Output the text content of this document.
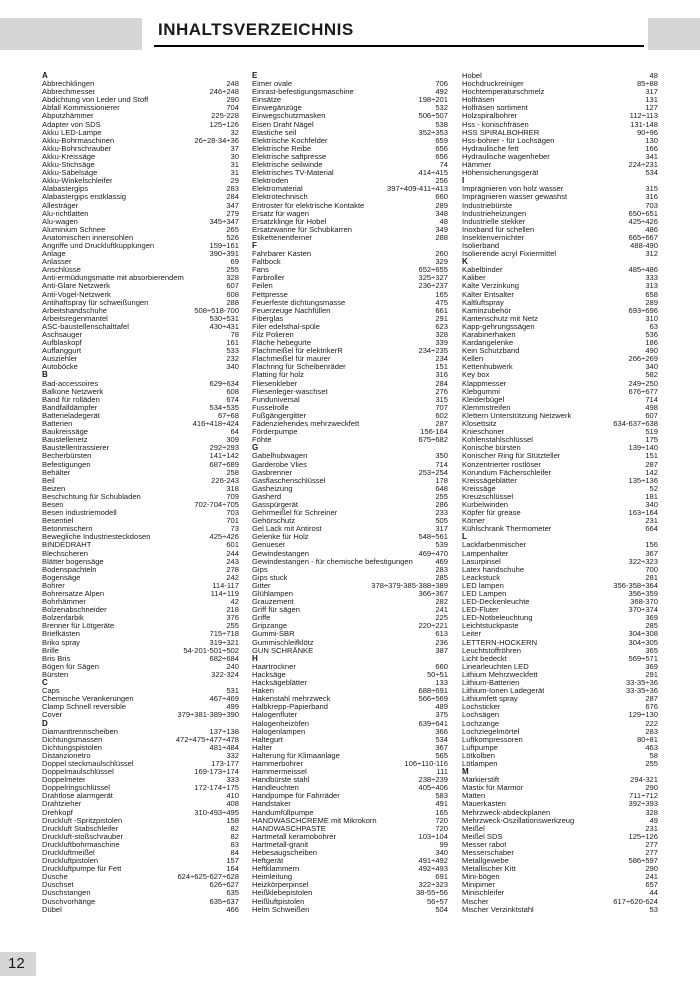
INHALTSVERZEICHNIS
A
Abbrechklingen	248
Abbrechmesser	246÷248
Abdichtung von Leder und Stoff	290
Abfall Kommissionierer	704
Abputzhämmer	225-228
Adapter von SDS	125÷126
Akku LED-Lampe	32
Akku-Bohrmaschinen	26÷28-34÷36
Akku-Bohrschrauber	37
Akku-Kreissäge	30
Akku-Stichsäge	31
Akku-Säbelsäge	31
Akku-Winkelschleifer	29
Alabastergips	283
Alabastergips erstklassig	284
Allesträger	347
Alu-richtlatten	279
Alu-wagen	345÷347
Aluminium Schnee	265
Anatomischen innensohlen	526
Angriffe und Druckluftkupplungen	159÷161
Anlage	390÷391
Anlasser	69
Anschlüsse	255
Anti-ermüdungsmatte mit absorbierendem	328
Anti-Glare Netzwerk	607
Anti-Vogel-Netzwerk	608
Antihaftspray für schweißungen	288
Arbeitshandschuhe	508÷518-700
Arbeitsregenmantel	530÷531
ASC-baustellenschalttafel	430÷431
Aschsauger	78
Aufblaskopf	161
Auffanggurt	533
Ausziehler	232
Autoböcke	340
B
Bad-accessoires	629÷634
Balkone Netzwerk	608
Band für rolläden	674
Bandfalldämpfer	534÷535
Batterieladegerät	67÷68
Batterien	416÷418÷424
Baukreissäge	64
Baustellenetz	309
Baustellentrassierer	292÷293
Becherbürsten	141÷142
Befestigungen	687÷689
Behälter	258
Beil	226-243
Beizen	318
Beschichtung für Schubladen	709
Besen	702-704÷705
Besen industriemodell	703
Besentiel	701
Betonmischern	73
Bewegliche Industriesteckdosen	425÷426
BINDEDRAHT	601
Blechscheren	244
Blätter bogensäge	243
Bodenspachteln	278
Bogensäge	242
Bohrer	114-117
Bohrersatze Alpen	114÷119
Bohrhämmer	42
Bolzenabschneider	218
Bolzenfarbik	376
Brenner für Lötgeräte	255
Briefkästen	715÷718
Briko spray	319÷321
Brille	54-201-501÷502
Bris Bris	682÷684
Bögen für Sägen	240
Bürsten	322-324
C
Caps	531
Chemische Verankerungen	467÷469
Clamp Schnell reversible	499
Cover	379÷381-389÷390
D
Diamanttrennscheiben	137÷138
Dichtungsmassen	472÷475÷477÷478
Dichtungspistolen	481÷484
Distanzionetro	332
Doppel steckmaulschlüssel	173-177
Doppelmaulschlüssel	169-173÷174
Doppelmeter	333
Doppelringschlüssel	172-174÷175
Drahtlose alarmgerät	410
Drahtzieher	408
Drehkopf	310-493÷495
Druckluft -Spritzpistolen	158
Druckluft Stabschleifer	82
Druckluft-stoßschrauber	82
Druckluftbohrmaschine	83
Druckluftmeißel	84
Druckluftpistolen	157
Druckluftpumpe für Fett	164
Dusche	624÷625-627÷628
Duschset	626÷627
Duschstangen	635
Duschvorhänge	635÷637
Dübel	466
E
Eimer ovale	706
Einrast-befestigungsmaschine	492
Einsätze	198÷201
Einwegänzüge	532
Einwegschutzmasken	506÷507
Eisen Draht Nägel	538
Elastiche seil	352÷353
Elektrische Kochfelder	659
Elektrische Reibe	656
Elektrische saftpresse	656
Elektrische seilwinde	74
Elektrisches TV-Material	414÷415
Elektroden	256
Elektromaterial	397÷409-411÷413
Elektrotechnisch	660
Entroster für elektrische Kontakte	289
Ersatz für wagen	348
Ersatzklinge für Hobel	48
Ersatzwanne für Schubkarren	349
Etikettenentferner	288
F
Fahrbarer Kasten	260
Faltbock	329
Fans	652÷655
Farbroller	325÷327
Feilen	236÷237
Fettpresse	165
Feuerfeste dichtungsmasse	475
Feuerzeuge Nachfüllen	661
Fiberglas	291
Filer edelsthal-spüle	623
Filz Polieren	328
Fläche hebegurte	339
Flachmeißel für elektrikerR	234÷235
Flachmeißel für maurer	234
Flachring für Scheibenräder	151
Flatting für holz	316
Fliesenkleber	284
Fliesenleger-waschset	276
Funduniversal	315
Fusselrolle	707
Fußgängergitter	602
Fädenziehendes mehrzweckfett	287
Förderpumpe	156-164
Föhte	675÷682
G
Gabelhubwagen	350
Garderobe Vlies	714
Gasbrenner	253÷254
Gasflaschenschlüssel	178
Gasheizung	648
Gasherd	255
Gasspürgerät	286
Gehrmeißel für Schreiner	233
Gehörschutz	505
Gel Lack mit Antirost	317
Gelenke für Holz	548÷561
Genueser	539
Gewindestangen	469÷470
Gewindestangen - für chemische befestigungen	469
Gips	283
Gips stuck	285
Gitter	378÷379-385-388÷389
Glühlampen	366÷367
Grauzement	282
Griff für sägen	241
Griffe	225
Gripzange	220÷221
Gummi-SBR	613
Gummischleifklötz	236
GUN SCHRÄNKE	387
H
Haartrockner	660
Hacksäge	50÷51
Hacksägeblätter	133
Haken	688÷691
Hakenstahl mehrzweck	566÷569
Halbkrepp-Papierband	489
Halogenfluter	375
Halogenheizöfen	639÷641
Halogenlampen	366
Haltegurt	534
Halter	367
Halterung für Klimaanlage	565
Hammerbohrer	106÷110-116
Hammermeissel	111
Handbürste stahl	238÷239
Handleuchten	405÷406
Handpumpe für Fahrräder	583
Handstaker	491
Handumfüllpumpe	165
HANDWASCHCREME mit Mikrokorn	720
HANDWASCHPASTE	720
Hartmetall keramobohrer	103÷104
Hartmetall-granit	99
Hebesaugscheiben	340
Heftgerät	491÷492
Heftklammern	492÷493
Heimleitung	691
Heizkörperpinsel	322÷323
Heißklebepistolen	38-55÷56
Heißluftpistolen	56÷57
Helm Schweißen	504
Hobel	48
Hochdruckreiniger	85÷88
Hochtemperaturschmelz	317
Holfräsen	131
Holfräsen sortiment	127
Holzspiralbohrer	112÷113
Hss - konischfräsen	131-148
HSS SPIRALBOHRER	90÷96
Hss-bohrer - für Lochsägen	130
Hydraulische fett	166
Hydraulische wagenheber	341
Hämmer	224÷231
Höhensicherungsgerät	534
I
Imprägnieren von holz wasser	315
Imprägnieren wasser gewashst	316
Industriebürste	703
Industrieheizungen	650÷651
Industrielle stekker	425÷426
Inoxband für schellen	486
Insektenvernichter	665÷667
Isolierband	488-490
Isolierende acryl Fixiermittel	312
K
Kabelbinder	485÷486
Kaliber	333
Kalte Verzinkung	313
Kalter Entsalter	658
Kaltluftspray	289
Kaminzubehör	693÷696
Kantenschutz mit Netz	310
Kapp-gehrungssägen	63
Karabinerhaken	536
Kardangelenke	186
Kein Schutzband	490
Kellen	266÷269
Kettenhubwerk	340
Key box	582
Klappmesser	249÷250
Klebgummi	676÷677
Kleiderbügel	714
Klemmstreifen	498
Klettern Unterstützung Netzwerk	607
Klosettsitz	634-637÷638
Knieschoner	519
Kohlenstahlschlüssel	175
Konische bürsten	139÷140
Konischer Ring für Stützteller	151
Konzentrierter rostlöser	287
Korundum Fächerschleifer	142
Kreissägeblätter	135÷136
Kreissäge	52
Kreuzschlüssel	181
Kurbelwinden	340
Köpfer für grease	163÷164
Körner	231
Kühlschrank Thermometer	664
L
Lackfarbenmischer	156
Lampenhalter	367
Lasurpinsel	322÷323
Latex handschuhe	700
Leackstuck	281
LED lampen	356-358÷364
LED Lampen	356÷359
LED-Deckenleuchte	368-370
LED-Fluter	370÷374
LED-Notbeleuchtung	369
Leichtstuckpaste	285
Leiter	304÷308
LETTERN-HOCKERN	304÷305
Leuchtstoffröhren	365
Licht bedeckt	569÷571
Linearleuchten LED	369
Lithium Mehrzweckfett	291
Lithium-Batterien	33-35÷36
Lithium-Ionen Ladegerät	33-35÷36
Lithiumfett spray	287
Lochsticker	676
Lochsägen	129÷130
Lochzange	222
Lochziegelmörtel	283
Luftkompressoren	80÷81
Luftpumpe	463
Lötkolben	58
Lötlampen	255
M
Markierstift	294-321
Mastix für Marmor	290
Matten	711÷712
Mauerkasten	392÷393
Mehrzweck-abdeckplanen	328
Mehrzweck-Oszillationswerkzeug	49
Meißel	231
Meißel SDS	125÷126
Messer rabot	277
Messerschaber	277
Metallgewebe	586÷597
Metallischer Kitt	290
Mini-bögen	241
Minipimer	657
Minischleifer	44
Mischer	617÷620-624
Mischer Verzinktstahl	53
12
